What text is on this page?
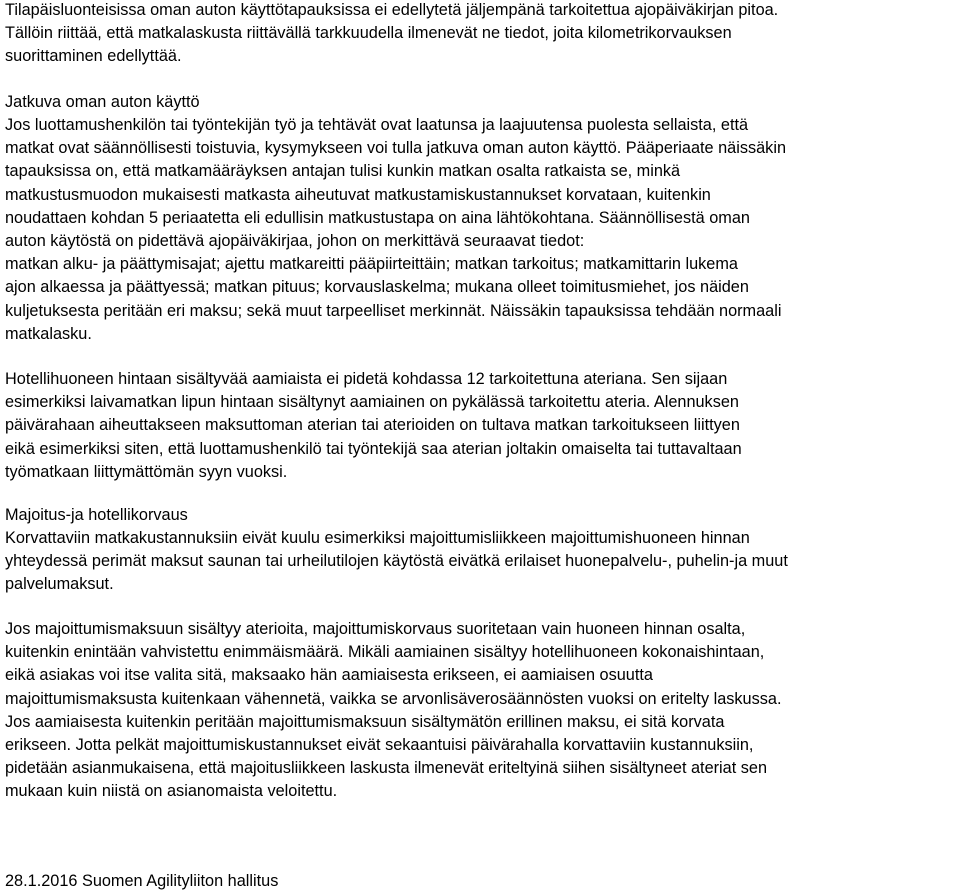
Tilapäisluonteisissa oman auton käyttötapauksissa ei edellytetä jäljempänä tarkoitettua ajopäiväkirjan pitoa.
Tällöin riittää, että matkalaskusta riittävällä tarkkuudella ilmenevät ne tiedot, joita kilometrikorvauksen
suorittaminen edellyttää.

Jatkuva oman auton käyttö

Jos luottamushenkilön tai työntekijän työ ja tehtävät ovat laatunsa ja laajuutensa puolesta sellaista, että
matkat ovat säännöllisesti toistuvia, kysymykseen voi tulla jatkuva oman auton käyttö. Pääperiaate näissäkin
tapauksissa on, että matkamääräyksen antajan tulisi kunkin matkan osalta ratkaista se, minkä
matkustusmuodon mukaisesti matkasta aiheutuvat matkustamiskustannukset korvataan, kuitenkin
noudattaen kohdan 5 periaatetta eli edullisin matkustustapa on aina lähtökohtana. Säännöllisestä oman
auton käytöstä on pidettävä ajopäiväkirjaa, johon on merkittävä seuraavat tiedot:
matkan alku- ja päättymisajat; ajettu matkareitti pääpiirteittäin; matkan tarkoitus; matkamittarin lukema
ajon alkaessa ja päättyessä; matkan pituus; korvauslaskelma; mukana olleet toimitusmiehet, jos näiden
kuljetuksesta peritään eri maksu; sekä muut tarpeelliset merkinnät. Näissäkin tapauksissa tehdään normaali
matkalasku.

Hotellihuoneen hintaan sisältyvää aamiaista ei pidetä kohdassa 12 tarkoitettuna ateriana. Sen sijaan
esimerkiksi laivamatkan lipun hintaan sisältynyt aamiainen on pykälässä tarkoitettu ateria. Alennuksen
päivärahaan aiheuttakseen maksuttoman aterian tai aterioiden on tultava matkan tarkoitukseen liittyen
eikä esimerkiksi siten, että luottamushenkilö tai työntekijä saa aterian joltakin omaiselta tai tuttavaltaan
työmatkaan liittymättömän syyn vuoksi.

Majoitus-ja hotellikorvaus

Korvattaviin matkakustannuksiin eivät kuulu esimerkiksi majoittumisliikkeen majoittumishuoneen hinnan
yhteydessä perimät maksut saunan tai urheilutilojen käytöstä eivätkä erilaiset huonepalvelu-, puhelin-ja muut
palvelumaksut.

Jos majoittumismaksuun sisältyy aterioita, majoittumiskorvaus suoritetaan vain huoneen hinnan osalta,
kuitenkin enintään vahvistettu enimmäismäärä. Mikäli aamiainen sisältyy hotellihuoneen kokonaishintaan,
eikä asiakas voi itse valita sitä, maksaako hän aamiaisesta erikseen, ei aamiaisen osuutta
majoittumismaksusta kuitenkaan vähennetä, vaikka se arvonlisäverosäännösten vuoksi on eritelty laskussa.
Jos aamiaisesta kuitenkin peritään majoittumismaksuun sisältymätön erillinen maksu, ei sitä korvata
erikseen. Jotta pelkät majoittumiskustannukset eivät sekaantuisi päivärahalla korvattaviin kustannuksiin,
pidetään asianmukaisena, että majoitusliikkeen laskusta ilmenevät eriteltyinä siihen sisältyneet ateriat sen
mukaan kuin niistä on asianomaista veloitettu.

28.1.2016 Suomen Agilityliiton hallitus
